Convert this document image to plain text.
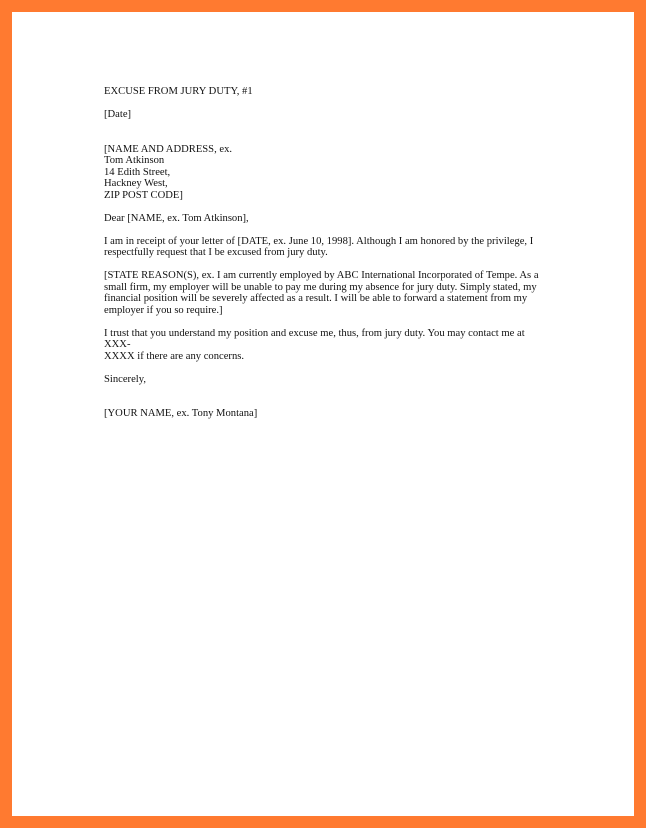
EXCUSE FROM JURY DUTY, #1

[Date]

[NAME AND ADDRESS, ex.

Tom Atkinson

14 Edith Street,

Hackney West,

ZIP POST CODE]

Dear [NAME, ex. Tom Atkinson],

I am in receipt of your letter of [DATE, ex. June 10, 1998]. Although I am honored by the privilege, I

respectfully request that I be excused from jury duty.

[STATE REASON(S), ex. I am currently employed by ABC International Incorporated of Tempe. As a

small firm, my employer will be unable to pay me during my absence for jury duty. Simply stated, my

financial position will be severely affected as a result. I will be able to forward a statement from my

employer if you so require.]

I trust that you understand my position and excuse me, thus, from jury duty. You may contact me at XXX-

XXXX if there are any concerns.

Sincerely,

[YOUR NAME, ex. Tony Montana]
